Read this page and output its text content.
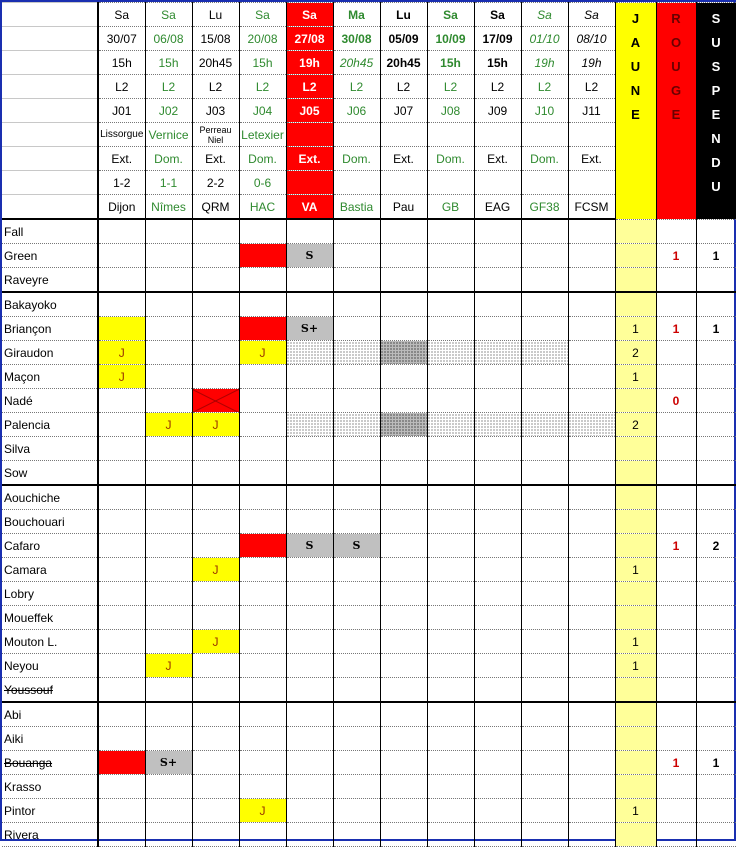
	Sa	Sa	Lu	Sa	Sa	Ma	Lu	Sa	Sa	Sa	Sa	JAUNE	ROUGE	SUSPENDU

	30/07	06/08	15/08	20/08	27/08	30/08	05/09	10/09	17/09	01/10	08/10			
	15h	15h	20h45	15h	19h	20h45	20h45	15h	15h	19h	19h			
	L2	L2	L2	L2	L2	L2	L2	L2	L2	L2	L2			
	J01	J02	J03	J04	J05	J06	J07	J08	J09	J10	J11			
	Lissorgue	Vernice	Perreau Niel	Letexier										
	Ext.	Dom.	Ext.	Dom.	Ext.	Dom.	Ext.	Dom.	Ext.	Dom.	Ext.			
	1-2	1-1	2-2	0-6										
	Dijon	Nîmes	QRM	HAC	VA	Bastia	Pau	GB	EAG	GF38	FCSM			
Fall														
Green					S								1	1
Raveyre														
Bakayoko														
Briançon					S+							1	1	1
Giraudon	J			J								2		
Maçon	J											1		
Nadé													0	
Palencia		J	J									2		
Silva														
Sow														
Aouchiche														
Bouchouari														
Cafaro					S	S							1	2
Camara			J									1		
Lobry														
Moueffek														
Mouton L.			J									1		
Neyou		J										1		
Youssouf														
Abi														
Aiki														
Bouanga		S+											1	1
Krasso														
Pintor				J								1		
Rivera														
